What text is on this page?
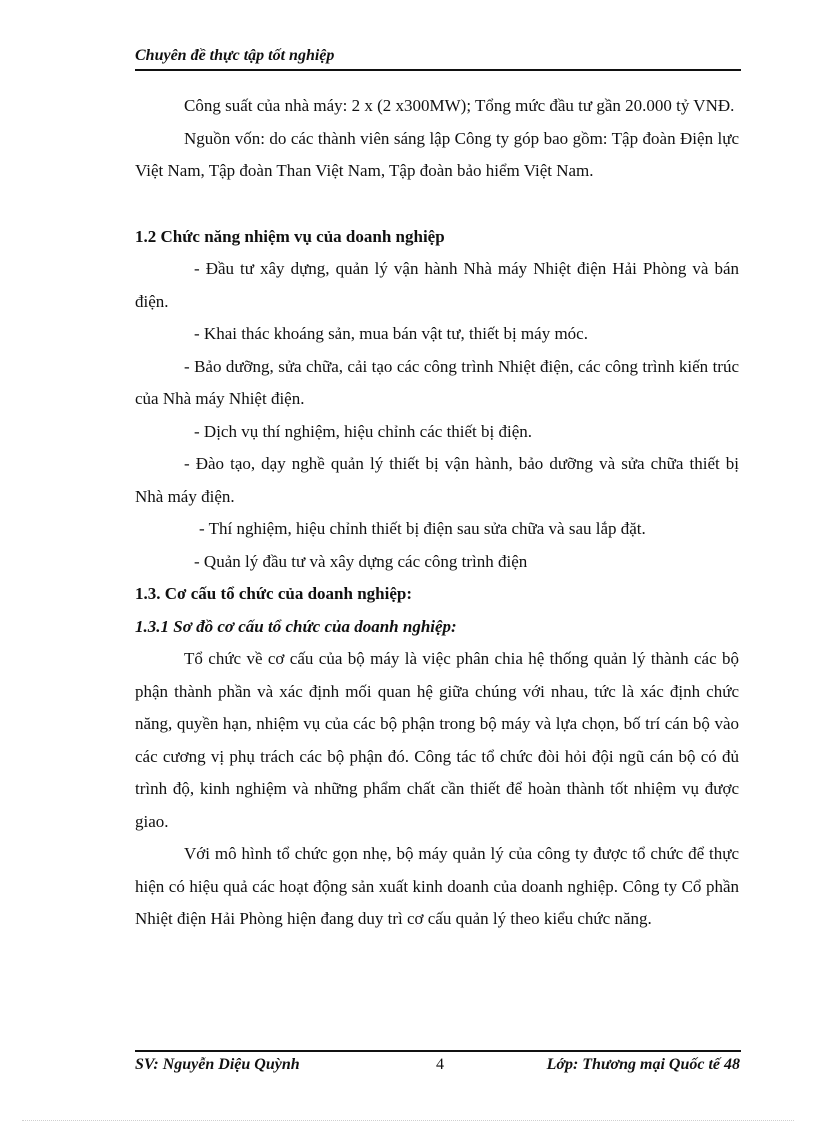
Chuyên đề thực tập tốt nghiệp

Công suất của nhà máy: 2 x (2 x300MW); Tổng mức đầu tư gần 20.000 tỷ VNĐ.

Nguồn vốn: do các thành viên sáng lập Công ty góp bao gồm: Tập đoàn Điện lực Việt Nam, Tập đoàn Than Việt Nam, Tập đoàn bảo hiểm Việt Nam.

1.2 Chức năng nhiệm vụ của doanh nghiệp

- Đầu tư xây dựng, quản lý vận hành Nhà máy Nhiệt điện Hải Phòng và bán điện.

- Khai thác khoáng sản, mua bán vật tư, thiết bị máy móc.

- Bảo dưỡng, sửa chữa, cải tạo các công trình Nhiệt điện, các công trình kiến trúc của Nhà máy Nhiệt điện.

- Dịch vụ thí nghiệm, hiệu chỉnh các thiết bị điện.

- Đào tạo, dạy nghề quản lý thiết bị vận hành, bảo dưỡng và sửa chữa thiết bị Nhà máy điện.

- Thí nghiệm, hiệu chỉnh thiết bị điện sau sửa chữa và sau lắp đặt.

- Quản lý đầu tư và xây dựng các công trình điện

1.3. Cơ cấu tổ chức của doanh nghiệp:

1.3.1 Sơ đồ cơ cấu tổ chức của doanh nghiệp:

Tổ chức về cơ cấu của bộ máy là việc phân chia hệ thống quản lý thành các bộ phận thành phần và xác định mối quan hệ giữa chúng với nhau, tức là xác định chức năng, quyền hạn, nhiệm vụ của các bộ phận trong bộ máy và lựa chọn, bố trí cán bộ vào các cương vị phụ trách các bộ phận đó. Công tác tổ chức đòi hỏi đội ngũ cán bộ có đủ trình độ, kinh nghiệm và những phẩm chất cần thiết để hoàn thành tốt nhiệm vụ được giao.

Với mô hình tổ chức gọn nhẹ, bộ máy quản lý của công ty được tổ chức để thực hiện có hiệu quả các hoạt động sản xuất kinh doanh của doanh nghiệp. Công ty Cổ phần Nhiệt điện Hải Phòng hiện đang duy trì cơ cấu quản lý theo kiểu chức năng.

SV: Nguyễn Diệu Quỳnh	4	Lớp: Thương mại Quốc tế 48
